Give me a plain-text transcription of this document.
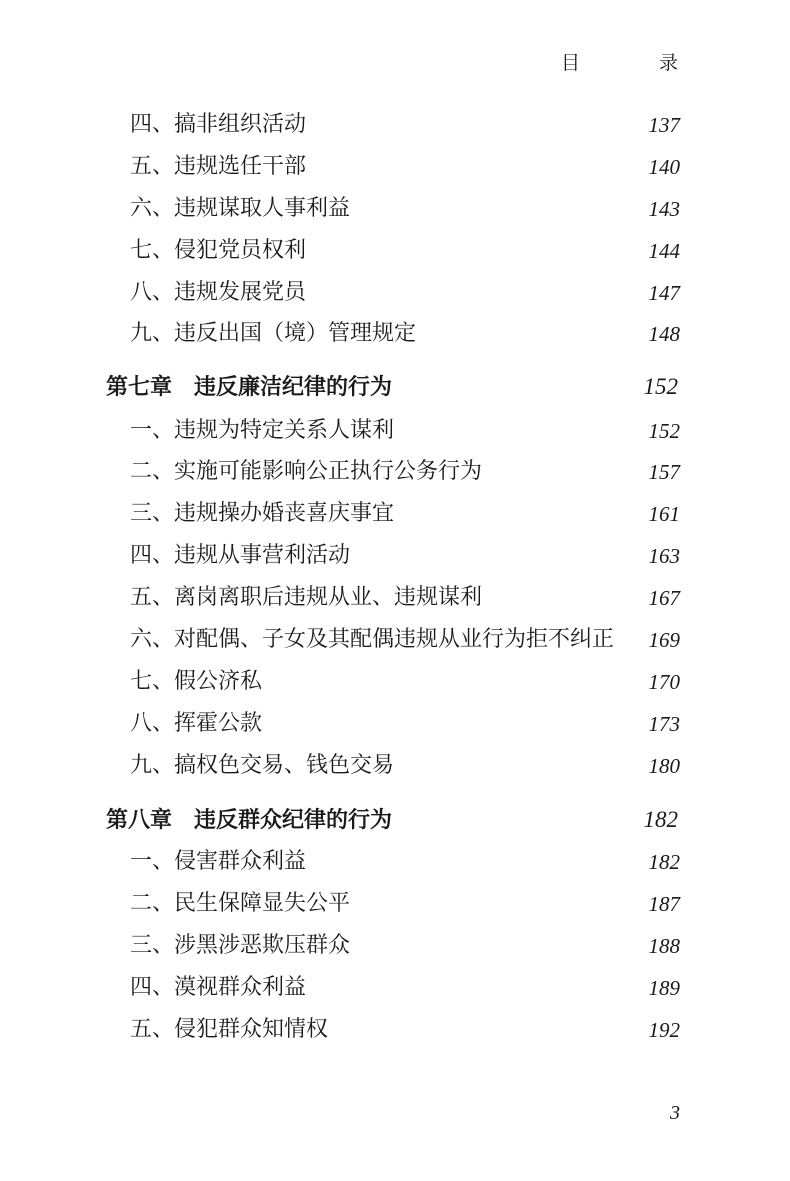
目　录
四、搞非组织活动	137
五、违规选任干部	140
六、违规谋取人事利益	143
七、侵犯党员权利	144
八、违规发展党员	147
九、违反出国（境）管理规定	148
第七章　违反廉洁纪律的行为	152
一、违规为特定关系人谋利	152
二、实施可能影响公正执行公务行为	157
三、违规操办婚丧喜庆事宜	161
四、违规从事营利活动	163
五、离岗离职后违规从业、违规谋利	167
六、对配偶、子女及其配偶违规从业行为拒不纠正 169
七、假公济私	170
八、挥霍公款	173
九、搞权色交易、钱色交易	180
第八章　违反群众纪律的行为	182
一、侵害群众利益	182
二、民生保障显失公平	187
三、涉黑涉恶欺压群众	188
四、漠视群众利益	189
五、侵犯群众知情权	192
3
